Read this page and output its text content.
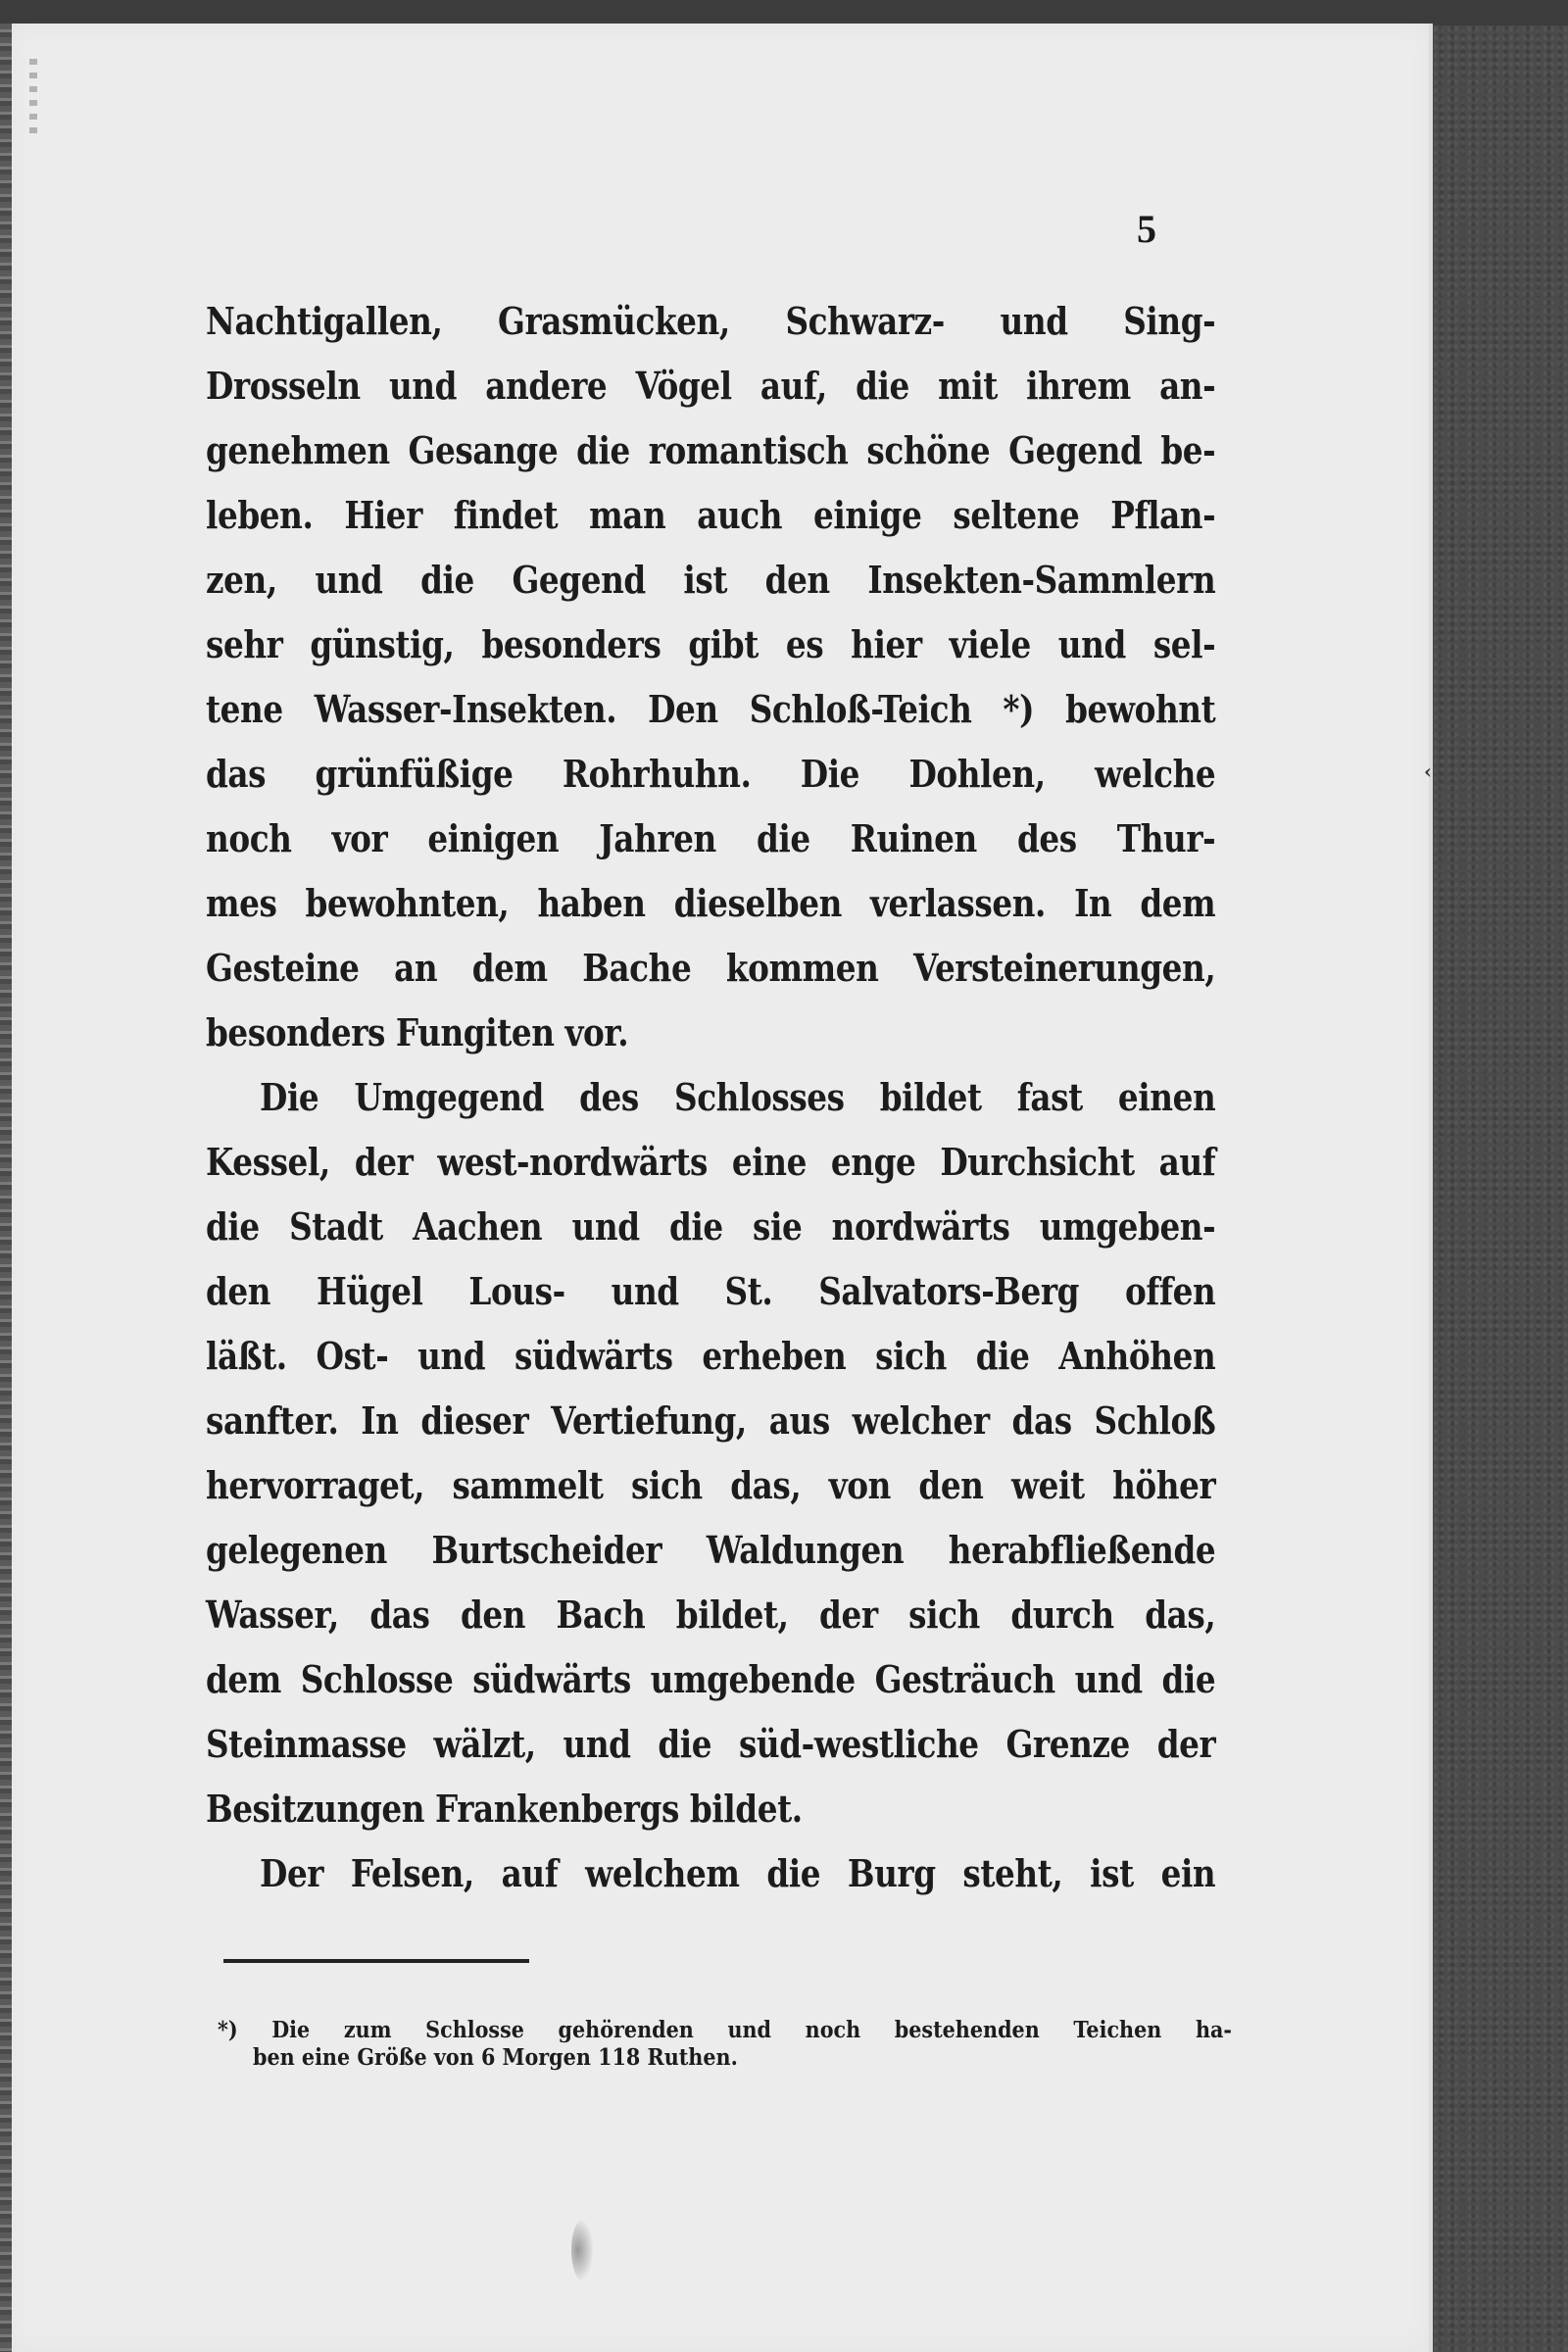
5
Nachtigallen, Grasmücken, Schwarz- und Sing-
Drosseln und andere Vögel auf, die mit ihrem an-
genehmen Gesange die romantisch schöne Gegend be-
leben. Hier findet man auch einige seltene Pflan-
zen, und die Gegend ist den Insekten-Sammlern
sehr günstig, besonders gibt es hier viele und sel-
tene Wasser-Insekten. Den Schloß-Teich *) bewohnt
das grünfüßige Rohrhuhn. Die Dohlen, welche
noch vor einigen Jahren die Ruinen des Thur-
mes bewohnten, haben dieselben verlassen. In dem
Gesteine an dem Bache kommen Versteinerungen,
besonders Fungiten vor.
Die Umgegend des Schlosses bildet fast einen
Kessel, der west-nordwärts eine enge Durchsicht auf
die Stadt Aachen und die sie nordwärts umgeben-
den Hügel Lous- und St. Salvators-Berg offen
läßt. Ost- und südwärts erheben sich die Anhöhen
sanfter. In dieser Vertiefung, aus welcher das Schloß
hervorraget, sammelt sich das, von den weit höher
gelegenen Burtscheider Waldungen herabfließende
Wasser, das den Bach bildet, der sich durch das,
dem Schlosse südwärts umgebende Gesträuch und die
Steinmasse wälzt, und die süd-westliche Grenze der
Besitzungen Frankenbergs bildet.
Der Felsen, auf welchem die Burg steht, ist ein
*) Die zum Schlosse gehörenden und noch bestehenden Teichen ha-
ben eine Größe von 6 Morgen 118 Ruthen.
‹
